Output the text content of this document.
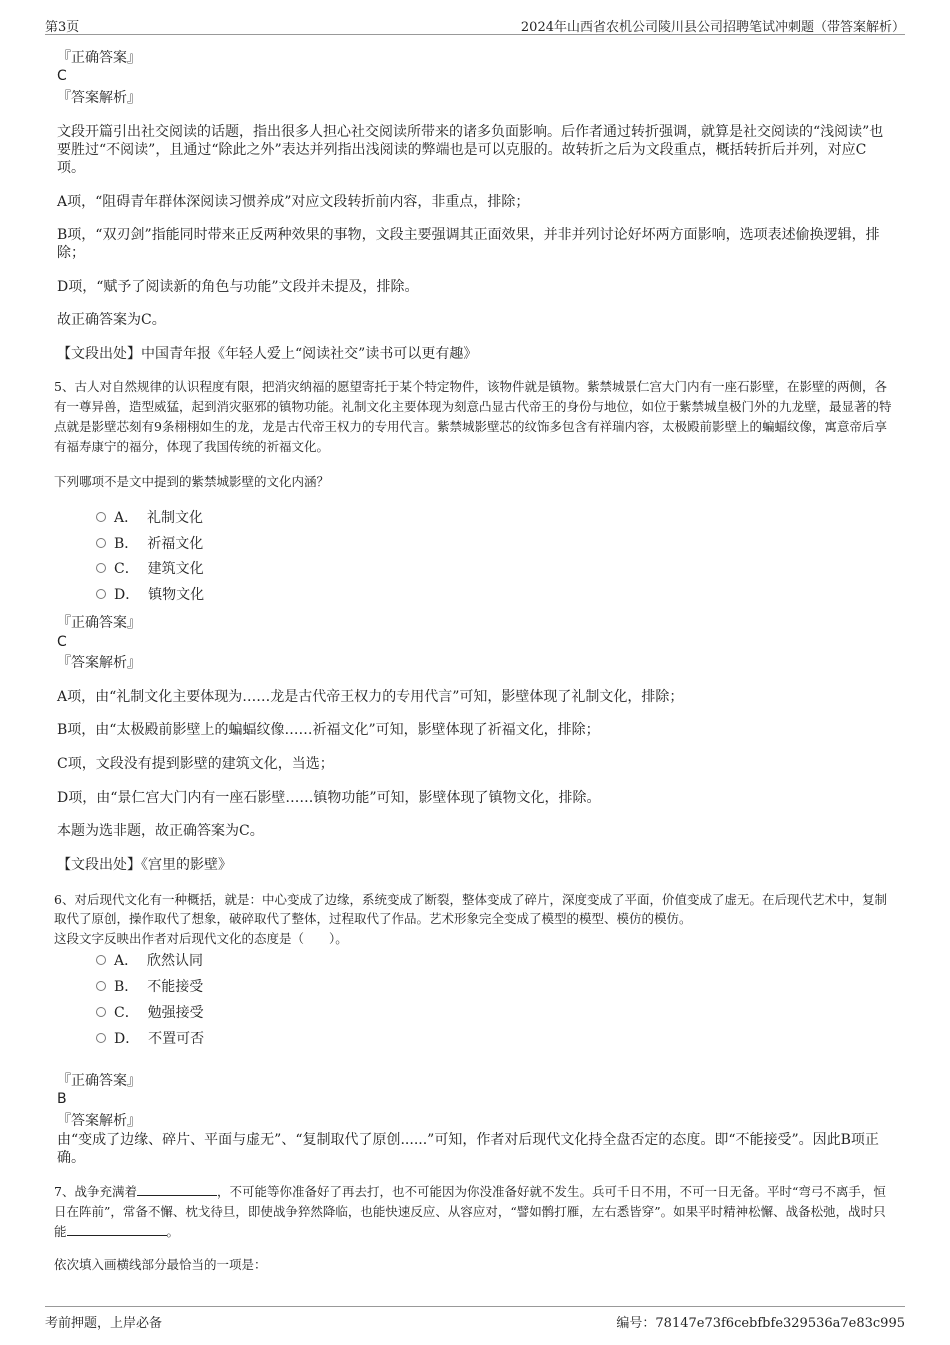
第3页	2024年山西省农机公司陵川县公司招聘笔试冲刺题（带答案解析）
『正确答案』
C
『答案解析』
文段开篇引出社交阅读的话题，指出很多人担心社交阅读所带来的诸多负面影响。后作者通过转折强调，就算是社交阅读的“浅阅读”也要胜过“不阅读”，且通过“除此之外”表达并列指出浅阅读的弊端也是可以克服的。故转折之后为文段重点，概括转折后并列，对应C项。
A项，“阻碍青年群体深阅读习惯养成”对应文段转折前内容，非重点，排除；
B项，“双刃剑”指能同时带来正反两种效果的事物，文段主要强调其正面效果，并非并列讨论好坏两方面影响，选项表述偷换逻辑，排除；
D项，“赋予了阅读新的角色与功能”文段并未提及，排除。
故正确答案为C。
【文段出处】中国青年报《年轻人爱上“阅读社交”读书可以更有趣》
5、古人对自然规律的认识程度有限，把消灾纳福的愿望寄托于某个特定物件，该物件就是镇物。紫禁城景仁宫大门内有一座石影壁，在影壁的两侧，各有一尊异兽，造型威猛，起到消灾驱邪的镇物功能。礼制文化主要体现为刻意凸显古代帝王的身份与地位，如位于紫禁城皇极门外的九龙壁，最显著的特点就是影壁芯刻有9条栩栩如生的龙，龙是古代帝王权力的专用代言。紫禁城影壁芯的纹饰多包含有祥瑞内容，太极殿前影壁上的蝙蝠纹像，寓意帝后享有福寿康宁的福分，体现了我国传统的祈福文化。
下列哪项不是文中提到的紫禁城影壁的文化内涵？
A． 礼制文化
B． 祈福文化
C． 建筑文化
D． 镇物文化
『正确答案』
C
『答案解析』
A项，由“礼制文化主要体现为……龙是古代帝王权力的专用代言”可知，影壁体现了礼制文化，排除；
B项，由“太极殿前影壁上的蝙蝠纹像……祈福文化”可知，影壁体现了祈福文化，排除；
C项，文段没有提到影壁的建筑文化，当选；
D项，由“景仁宫大门内有一座石影壁……镇物功能”可知，影壁体现了镇物文化，排除。
本题为选非题，故正确答案为C。
【文段出处】《宫里的影壁》
6、对后现代文化有一种概括，就是：中心变成了边缘，系统变成了断裂，整体变成了碎片，深度变成了平面，价值变成了虚无。在后现代艺术中，复制取代了原创，操作取代了想象，破碎取代了整体，过程取代了作品。艺术形象完全变成了模型的模型、模仿的模仿。
这段文字反映出作者对后现代文化的态度是（　　）。
A． 欣然认同
B． 不能接受
C． 勉强接受
D． 不置可否
『正确答案』
B
『答案解析』
由“变成了边缘、碎片、平面与虚无”、“复制取代了原创......”可知，作者对后现代文化持全盘否定的态度。即“不能接受”。因此B项正确。
7、战争充满着	，不可能等你准备好了再去打，也不可能因为你没准备好就不发生。兵可千日不用，不可一日无备。平时“弯弓不离手，恒日在阵前”，常备不懈、枕戈待旦，即使战争猝然降临，也能快速反应、从容应对，“譬如鹘打雁，左右悉皆穿”。如果平时精神松懈、战备松弛，战时只能	。
依次填入画横线部分最恰当的一项是：
考前押题，上岸必备	编号：78147e73f6cebfbfe329536a7e83c995
